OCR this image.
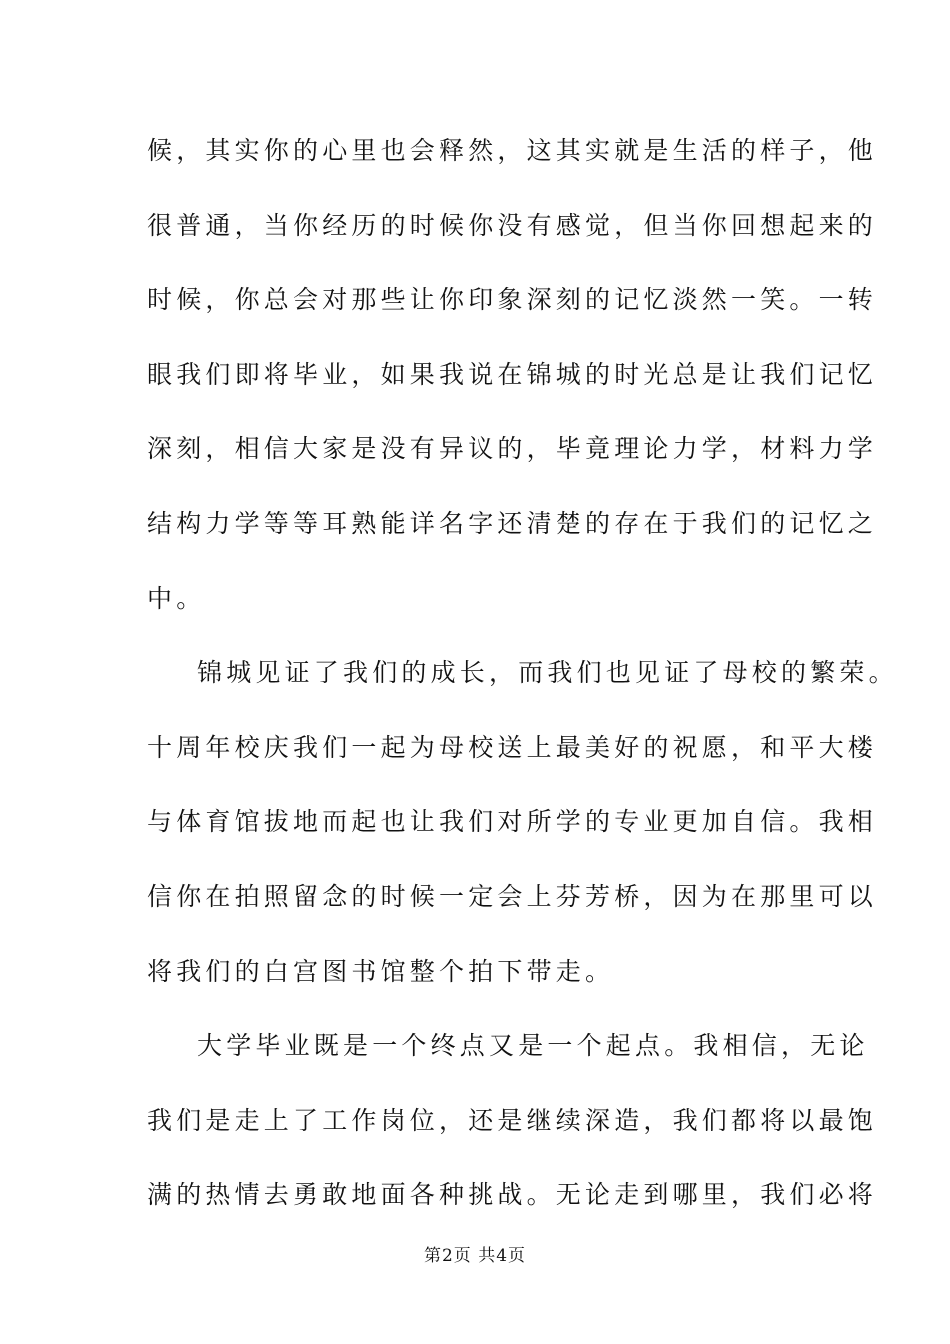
候，其实你的心里也会释然，这其实就是生活的样子，他
很普通，当你经历的时候你没有感觉，但当你回想起来的
时候，你总会对那些让你印象深刻的记忆淡然一笑。一转
眼我们即将毕业，如果我说在锦城的时光总是让我们记忆
深刻，相信大家是没有异议的，毕竟理论力学，材料力学
结构力学等等耳熟能详名字还清楚的存在于我们的记忆之
中。
锦城见证了我们的成长，而我们也见证了母校的繁荣。
十周年校庆我们一起为母校送上最美好的祝愿，和平大楼
与体育馆拔地而起也让我们对所学的专业更加自信。我相
信你在拍照留念的时候一定会上芬芳桥，因为在那里可以
将我们的白宫图书馆整个拍下带走。
大学毕业既是一个终点又是一个起点。我相信，无论
我们是走上了工作岗位，还是继续深造，我们都将以最饱
满的热情去勇敢地面各种挑战。无论走到哪里，我们必将
第2页 共4页
